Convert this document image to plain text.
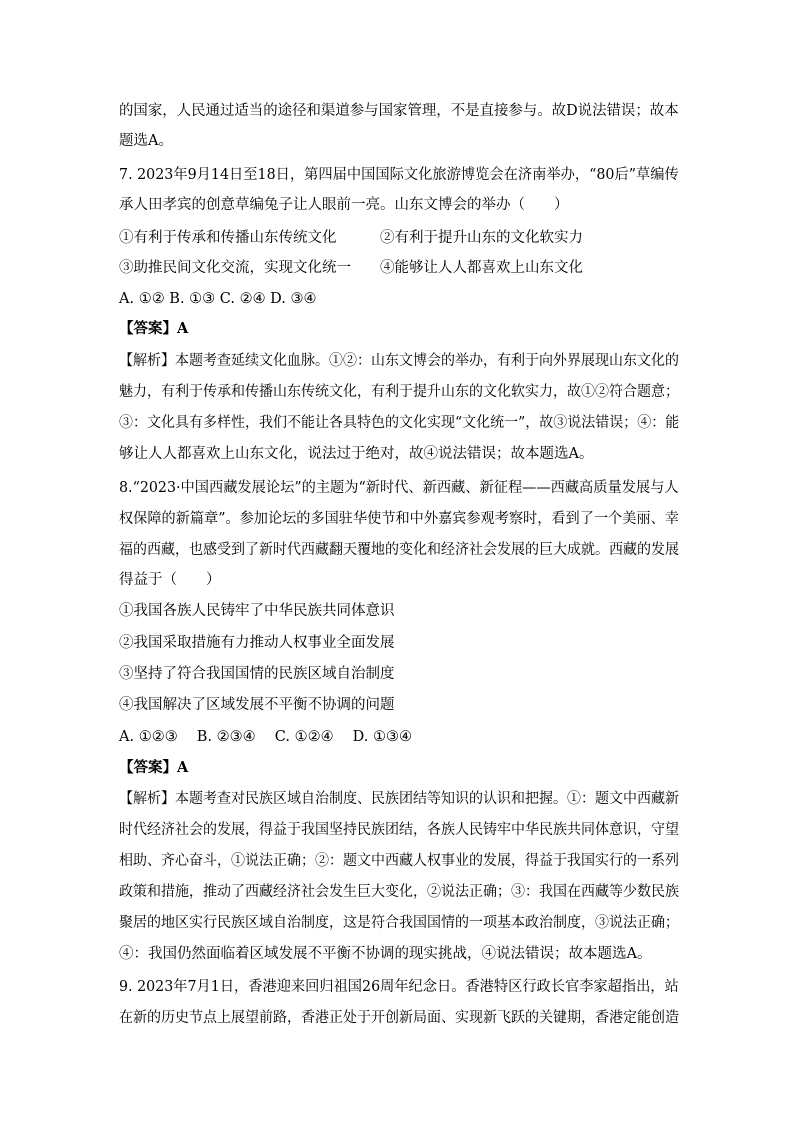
的国家，人民通过适当的途径和渠道参与国家管理，不是直接参与。故D说法错误；故本
题选A。
7. 2023年9月14日至18日，第四届中国国际文化旅游博览会在济南举办，“80后”草编传
承人田孝宾的创意草编兔子让人眼前一亮。山东文博会的举办（　　）
①有利于传承和传播山东传统文化　　　②有利于提升山东的文化软实力
③助推民间文化交流，实现文化统一　　④能够让人人都喜欢上山东文化
A. ①② B. ①③ C. ②④ D. ③④
【答案】A
【解析】本题考查延续文化血脉。①②：山东文博会的举办，有利于向外界展现山东文化的
魅力，有利于传承和传播山东传统文化，有利于提升山东的文化软实力，故①②符合题意；
③：文化具有多样性，我们不能让各具特色的文化实现“文化统一”，故③说法错误；④：能
够让人人都喜欢上山东文化，说法过于绝对，故④说法错误；故本题选A。
8.“2023·中国西藏发展论坛”的主题为“新时代、新西藏、新征程——西藏高质量发展与人
权保障的新篇章”。参加论坛的多国驻华使节和中外嘉宾参观考察时，看到了一个美丽、幸
福的西藏，也感受到了新时代西藏翻天覆地的变化和经济社会发展的巨大成就。西藏的发展
得益于（　　）
①我国各族人民铸牢了中华民族共同体意识
②我国采取措施有力推动人权事业全面发展
③坚持了符合我国国情的民族区域自治制度
④我国解决了区域发展不平衡不协调的问题
A. ①②③　 B. ②③④　 C. ①②④　 D. ①③④
【答案】A
【解析】本题考查对民族区域自治制度、民族团结等知识的认识和把握。①：题文中西藏新
时代经济社会的发展，得益于我国坚持民族团结，各族人民铸牢中华民族共同体意识，守望
相助、齐心奋斗，①说法正确；②：题文中西藏人权事业的发展，得益于我国实行的一系列
政策和措施，推动了西藏经济社会发生巨大变化，②说法正确；③：我国在西藏等少数民族
聚居的地区实行民族区域自治制度，这是符合我国国情的一项基本政治制度，③说法正确；
④：我国仍然面临着区域发展不平衡不协调的现实挑战，④说法错误；故本题选A。
9. 2023年7月1日，香港迎来回归祖国26周年纪念日。香港特区行政长官李家超指出，站
在新的历史节点上展望前路，香港正处于开创新局面、实现新飞跃的关键期，香港定能创造
